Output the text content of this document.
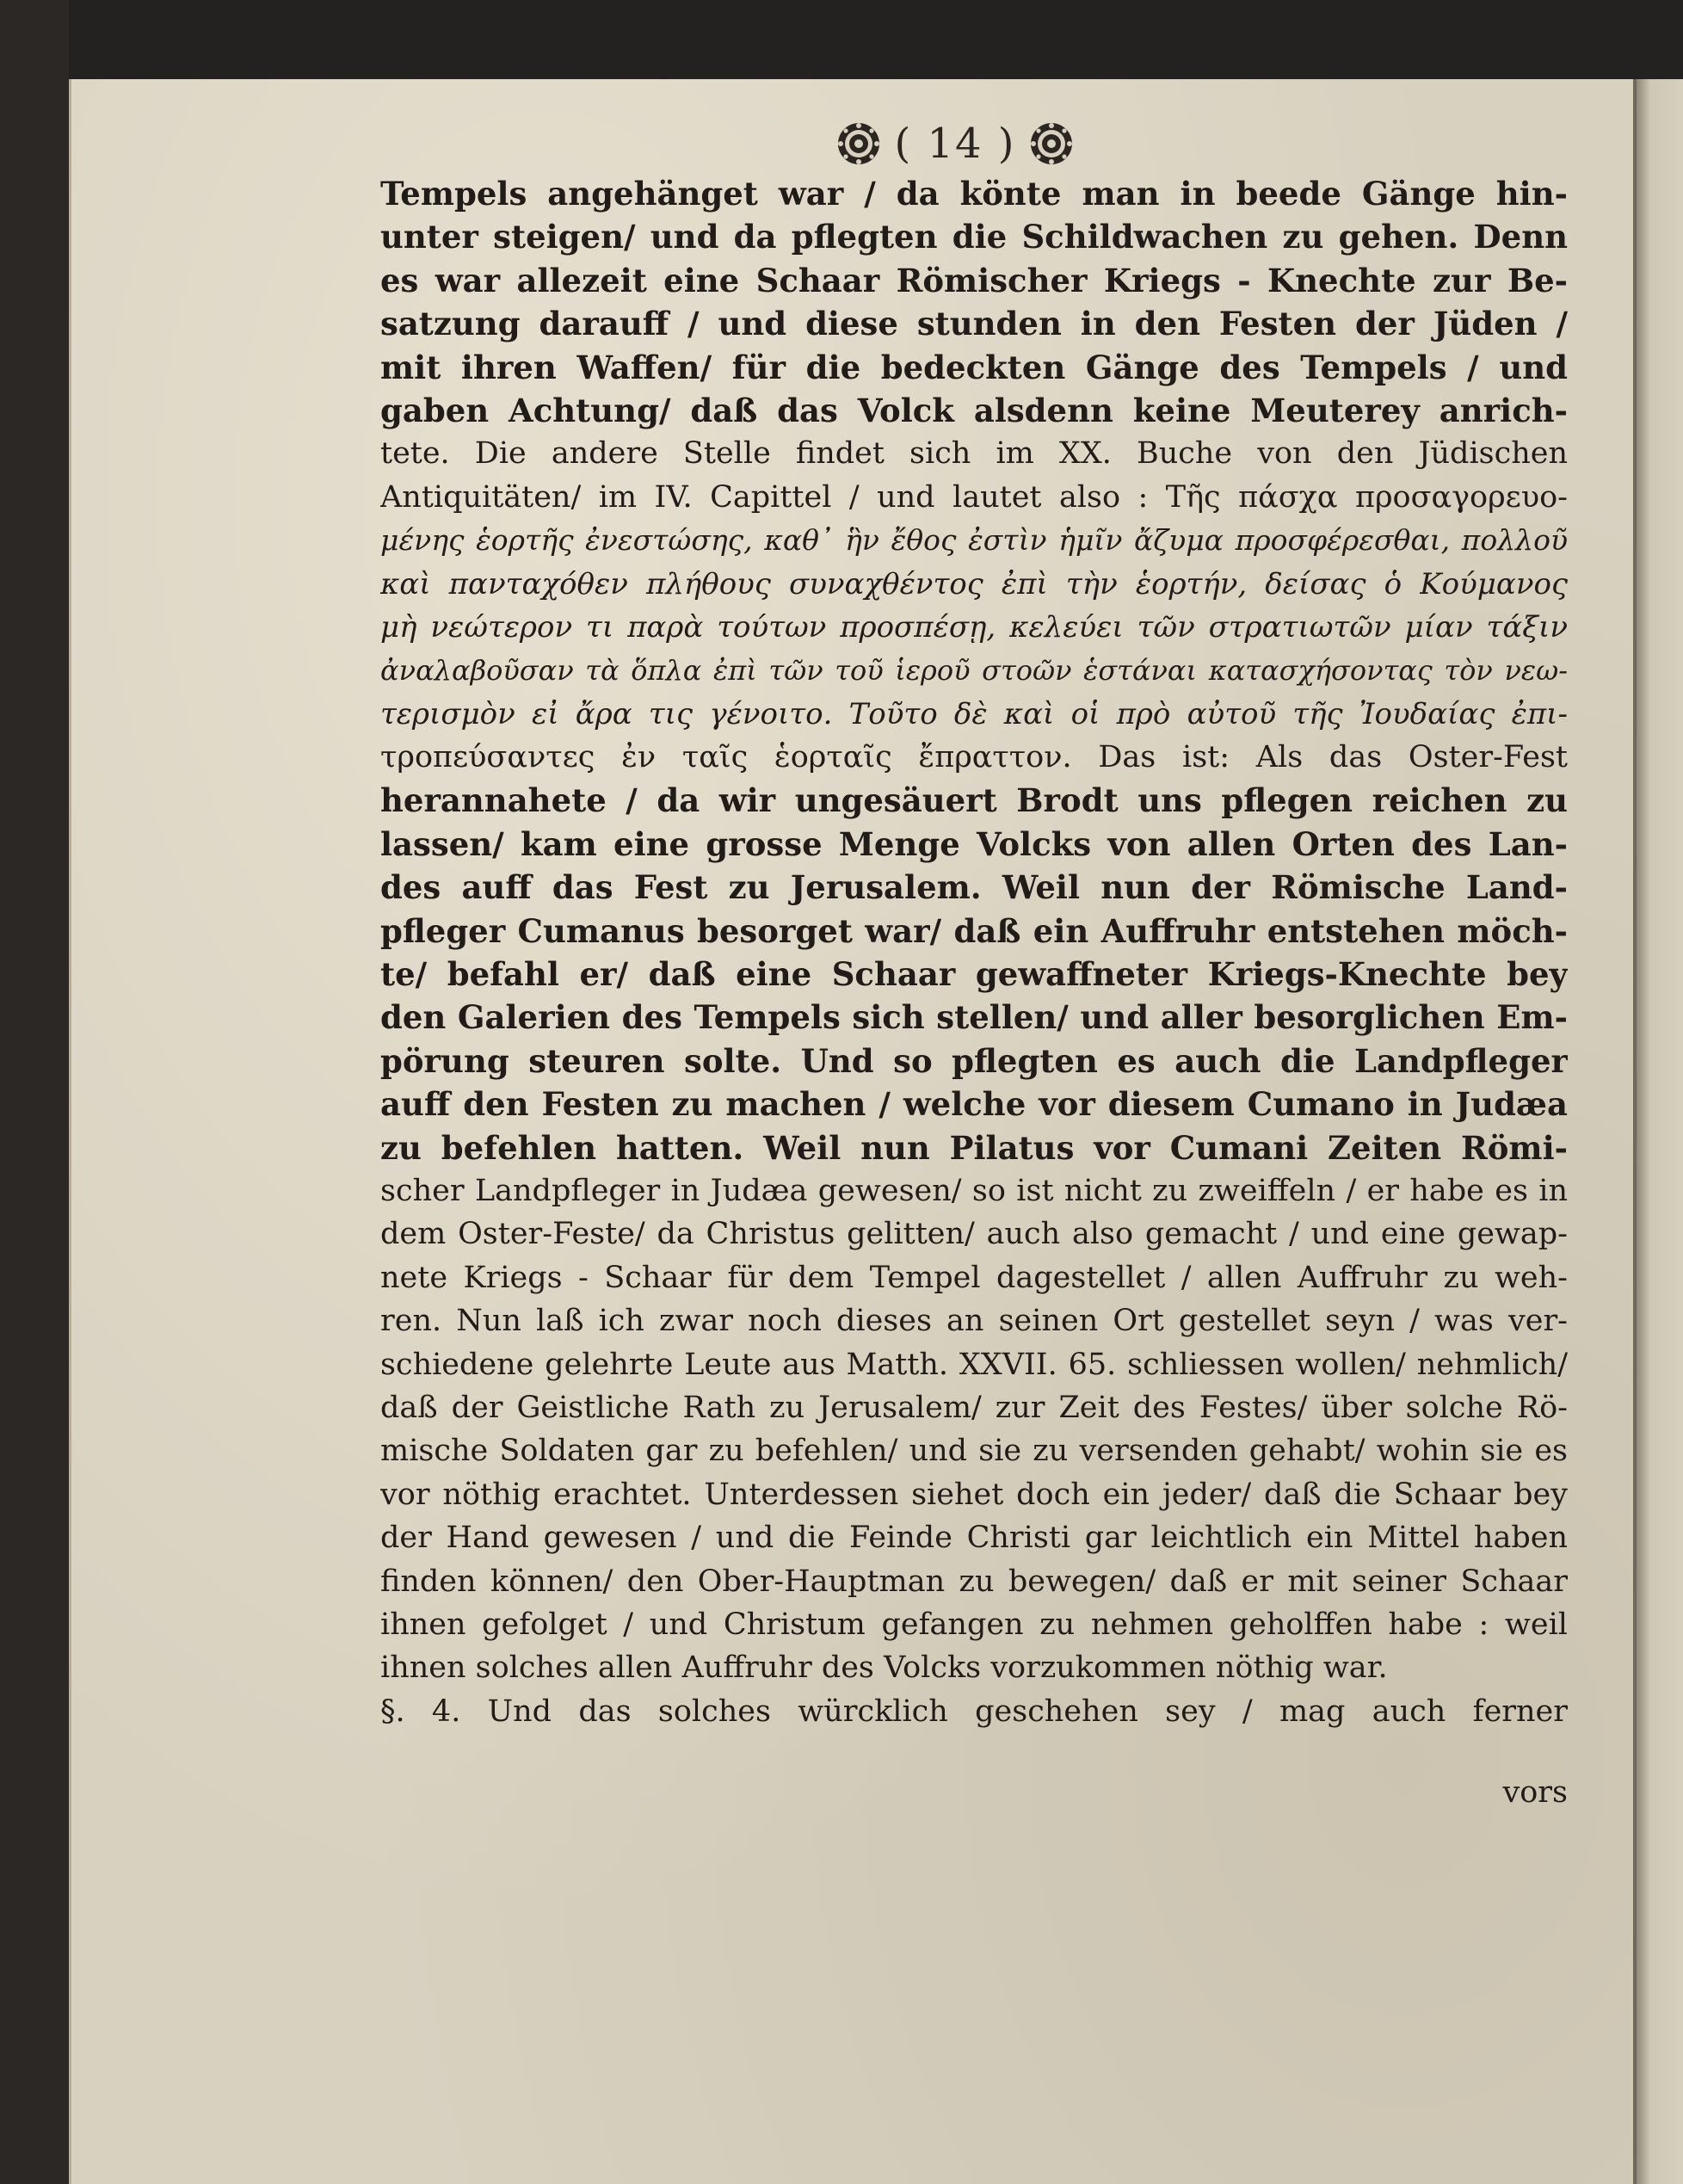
( 14 )
Tempels angehänget war / da könte man in beede Gänge hin-
unter steigen/ und da pflegten die Schildwachen zu gehen. Denn
es war allezeit eine Schaar Römischer Kriegs - Knechte zur Be-
satzung darauff / und diese stunden in den Festen der Jüden /
mit ihren Waffen/ für die bedeckten Gänge des Tempels / und
gaben Achtung/ daß das Volck alsdenn keine Meuterey anrich-
tete. Die andere Stelle findet sich im XX. Buche von den Jüdischen
Antiquitäten/ im IV. Capittel / und lautet also : Τῆς πάσχα προσαγορευο-
μένης ἑορτῆς ἐνεστώσης, καθ᾽ ἣν ἔθος ἐστὶν ἡμῖν ἄζυμα προσφέρεσθαι, πολλοῦ
καὶ πανταχόθεν πλήθους συναχθέντος ἐπὶ τὴν ἑορτήν, δείσας ὁ Κούμανος
μὴ νεώτερον τι παρὰ τούτων προσπέσῃ, κελεύει τῶν στρατιωτῶν μίαν τάξιν
ἀναλαβοῦσαν τὰ ὅπλα ἐπὶ τῶν τοῦ ἱεροῦ στοῶν ἑστάναι κατασχήσοντας τὸν νεω-
τερισμὸν εἰ ἄρα τις γένοιτο. Τοῦτο δὲ καὶ οἱ πρὸ αὐτοῦ τῆς Ἰουδαίας ἐπι-
τροπεύσαντες ἐν ταῖς ἑορταῖς ἔπραττον. Das ist: Als das Oster-Fest
herannahete / da wir ungesäuert Brodt uns pflegen reichen zu
lassen/ kam eine grosse Menge Volcks von allen Orten des Lan-
des auff das Fest zu Jerusalem. Weil nun der Römische Land-
pfleger Cumanus besorget war/ daß ein Auffruhr entstehen möch-
te/ befahl er/ daß eine Schaar gewaffneter Kriegs-Knechte bey
den Galerien des Tempels sich stellen/ und aller besorglichen Em-
pörung steuren solte. Und so pflegten es auch die Landpfleger
auff den Festen zu machen / welche vor diesem Cumano in Judæa
zu befehlen hatten. Weil nun Pilatus vor Cumani Zeiten Römi-
scher Landpfleger in Judæa gewesen/ so ist nicht zu zweiffeln / er habe es in
dem Oster-Feste/ da Christus gelitten/ auch also gemacht / und eine gewap-
nete Kriegs - Schaar für dem Tempel dagestellet / allen Auffruhr zu weh-
ren. Nun laß ich zwar noch dieses an seinen Ort gestellet seyn / was ver-
schiedene gelehrte Leute aus Matth. XXVII. 65. schliessen wollen/ nehmlich/
daß der Geistliche Rath zu Jerusalem/ zur Zeit des Festes/ über solche Rö-
mische Soldaten gar zu befehlen/ und sie zu versenden gehabt/ wohin sie es
vor nöthig erachtet. Unterdessen siehet doch ein jeder/ daß die Schaar bey
der Hand gewesen / und die Feinde Christi gar leichtlich ein Mittel haben
finden können/ den Ober-Hauptman zu bewegen/ daß er mit seiner Schaar
ihnen gefolget / und Christum gefangen zu nehmen geholffen habe : weil
ihnen solches allen Auffruhr des Volcks vorzukommen nöthig war.
§. 4. Und das solches würcklich geschehen sey / mag auch ferner
vors
